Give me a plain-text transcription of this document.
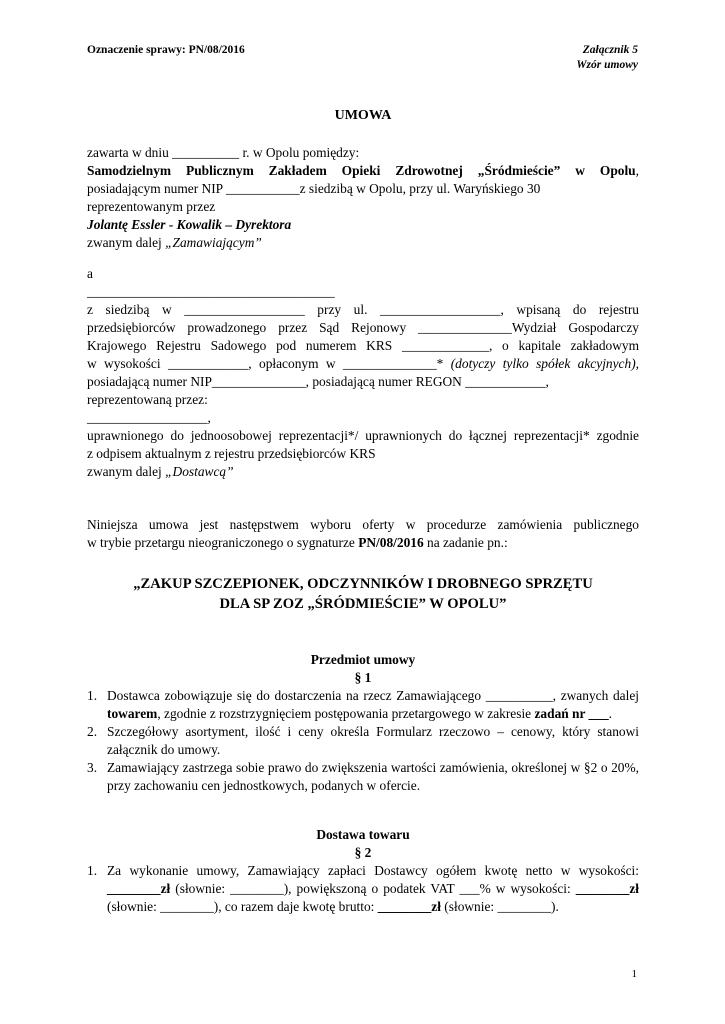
Oznaczenie sprawy: PN/08/2016	Załącznik 5
Wzór umowy
UMOWA
zawarta w dniu __________ r. w Opolu pomiędzy:
Samodzielnym Publicznym Zakładem Opieki Zdrowotnej „Śródmieście” w Opolu,
posiadającym numer NIP ___________z siedzibą w Opolu, przy ul. Waryńskiego 30
reprezentowanym przez
Jolantę Essler - Kowalik – Dyrektora
zwanym dalej „Zamawiającym”
a
_____________________________________
z siedzibą w __________________ przy ul. __________________, wpisaną do rejestru
przedsiębiorców prowadzonego przez Sąd Rejonowy ______________Wydział Gospodarczy
Krajowego Rejestru Sadowego pod numerem KRS _____________, o kapitale zakładowym
w wysokości ____________, opłaconym w ______________* (dotyczy tylko spółek akcyjnych),
posiadającą numer NIP______________, posiadającą numer REGON ____________,
reprezentowaną przez:
__________________,
uprawnionego do jednoosobowej reprezentacji*/ uprawnionych do łącznej reprezentacji* zgodnie
z odpisem aktualnym z rejestru przedsiębiorców KRS
zwanym dalej „Dostawcą”
Niniejsza umowa jest następstwem wyboru oferty w procedurze zamówienia publicznego
w trybie przetargu nieograniczonego o sygnaturze PN/08/2016 na zadanie pn.:
„ZAKUP SZCZEPIONEK, ODCZYNNIKÓW I DROBNEGO SPRZĘTU
DLA SP ZOZ „ŚRÓDMIEŚCIE” W OPOLU”
Przedmiot umowy
§ 1
1. Dostawca zobowiązuje się do dostarczenia na rzecz Zamawiającego __________, zwanych dalej
towarem, zgodnie z rozstrzygnięciem postępowania przetargowego w zakresie zadań nr ___.
2. Szczegółowy asortyment, ilość i ceny określa Formularz rzeczowo – cenowy, który stanowi
załącznik do umowy.
3. Zamawiający zastrzega sobie prawo do zwiększenia wartości zamówienia, określonej w §2 o 20%,
przy zachowaniu cen jednostkowych, podanych w ofercie.
Dostawa towaru
§ 2
1. Za wykonanie umowy, Zamawiający zapłaci Dostawcy ogółem kwotę netto w wysokości:
________zł (słownie: ________), powiększoną o podatek VAT ___% w wysokości: ________zł
(słownie: ________), co razem daje kwotę brutto: ________zł (słownie: ________).
1
